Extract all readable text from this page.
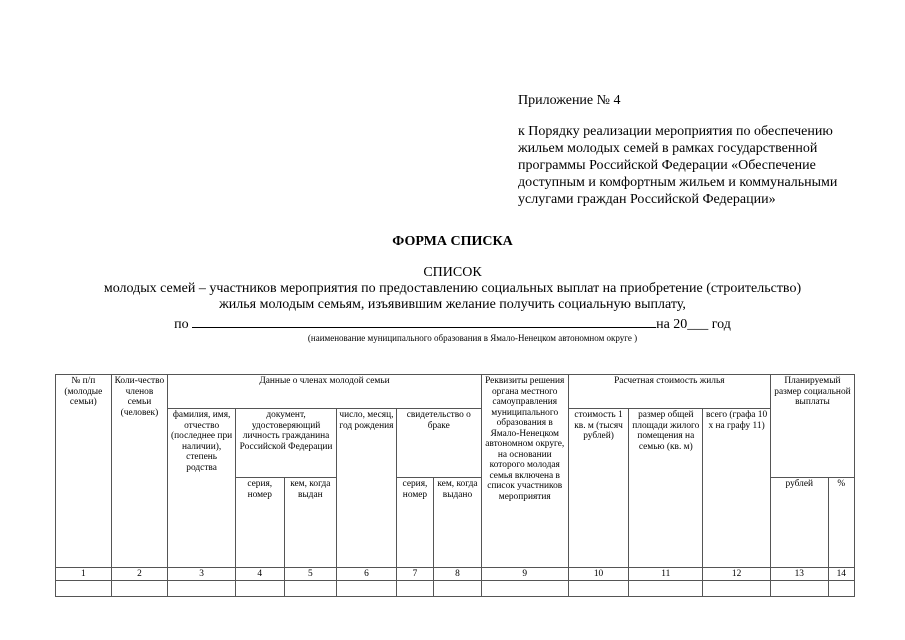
Приложение № 4
к Порядку реализации мероприятия по обеспечению жильем молодых семей в рамках государственной программы Российской Федерации «Обеспечение доступным и комфортным жильем и коммунальными услугами граждан Российской Федерации»
ФОРМА СПИСКА
СПИСОК
молодых семей – участников мероприятия по предоставлению социальных выплат на приобретение (строительство)
жилья молодым семьям, изъявившим желание получить социальную выплату,
по	на 20___ год
(наименование муниципального образования в Ямало-Ненецком автономном округе )
№ п/п (молодые семьи)	Коли-чество членов семьи (человек)	Данные о членах молодой семьи						Реквизиты решения органа местного самоуправления муниципального образования в Ямало-Ненецком автономном округе, на основании которого молодая семья включена в список участников мероприятия	Расчетная стоимость жилья			Планируемый размер социальной выплаты	
		фамилия, имя, отчество (последнее при наличии), степень родства	документ, удостоверяющий личность гражданина Российской Федерации		число, месяц, год рождения	свидетельство о браке			стоимость 1 кв. м (тысяч рублей)	размер общей площади жилого помещения на семью (кв. м)	всего (графа 10 х на графу 11)		
			серия, номер	кем, когда выдан		серия, номер	кем, когда выдано					рублей	%
1	2	3	4	5	6	7	8	9	10	11	12	13	14
